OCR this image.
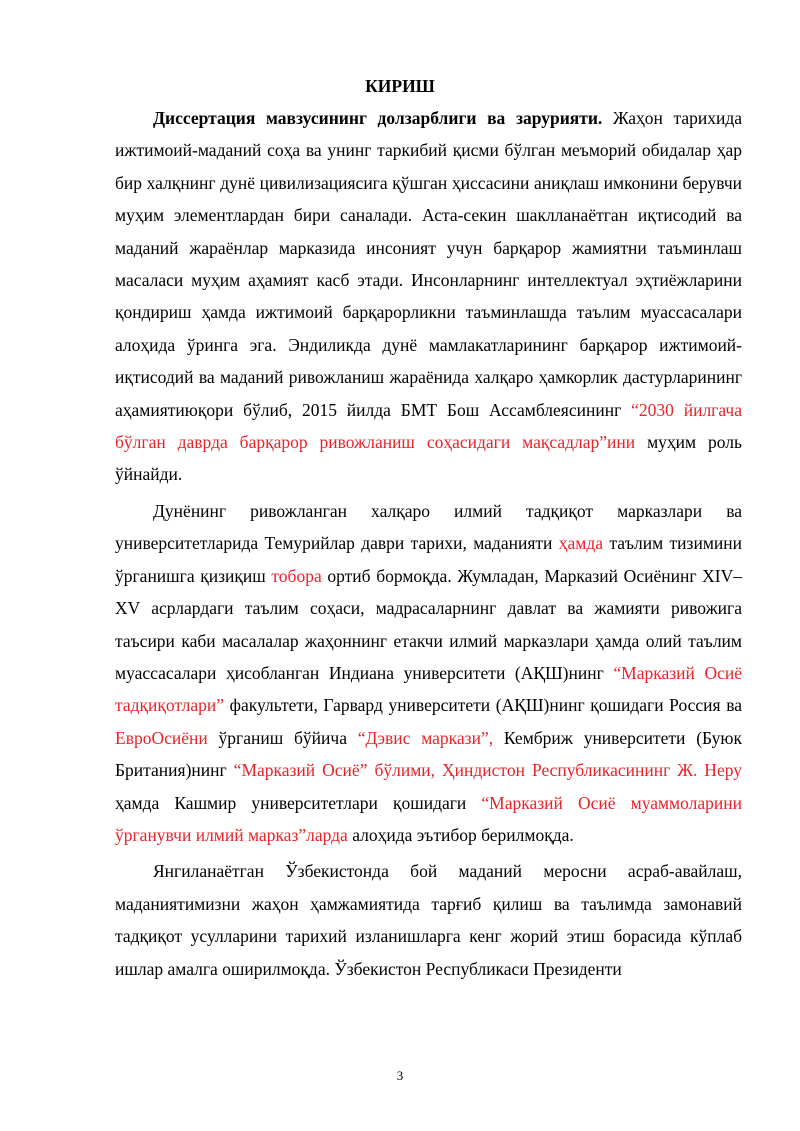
КИРИШ

Диссертация мавзусининг долзарблиги ва зарурияти. Жаҳон тарихида ижтимоий-маданий соҳа ва унинг таркибий қисми бўлган меъморий обидалар ҳар бир халқнинг дунё цивилизациясига қўшган ҳиссасини аниқлаш имконини берувчи муҳим элементлардан бири саналади. Аста-секин шаклланаётган иқтисодий ва маданий жараёнлар марказида инсоният учун барқарор жамиятни таъминлаш масаласи муҳим аҳамият касб этади. Инсонларнинг интеллектуал эҳтиёжларини қондириш ҳамда ижтимоий барқарорликни таъминлашда таълим муассасалари алоҳида ўринга эга. Эндиликда дунё мамлакатларининг барқарор ижтимоий-иқтисодий ва маданий ривожланиш жараёнида халқаро ҳамкорлик дастурларининг аҳамиятиюқори бўлиб, 2015 йилда БМТ Бош Ассамблеясининг “2030 йилгача бўлган даврда барқарор ривожланиш соҳасидаги мақсадлар”ини муҳим роль ўйнайди.

Дунёнинг ривожланган халқаро илмий тадқиқот марказлари ва университетларида Темурийлар даври тарихи, маданияти ҳамда таълим тизимини ўрганишга қизиқиш тобора ортиб бормоқда. Жумладан, Марказий Осиёнинг XIV–XV асрлардаги таълим соҳаси, мадрасаларнинг давлат ва жамияти ривожига таъсири каби масалалар жаҳоннинг етакчи илмий марказлари ҳамда олий таълим муассасалари ҳисобланган Индиана университети (АҚШ)нинг “Марказий Осиё тадқиқотлари” факультети, Гарвард университети (АҚШ)нинг қошидаги Россия ва ЕвроОсиёни ўрганиш бўйича “Дэвис маркази”, Кембриж университети (Буюк Британия)нинг “Марказий Осиё” бўлими, Ҳиндистон Республикасининг Ж. Неру ҳамда Кашмир университетлари қошидаги “Марказий Осиё муаммоларини ўрганувчи илмий марказ”ларда алоҳида эътибор берилмоқда.

Янгиланаётган Ўзбекистонда бой маданий меросни асраб-авайлаш, маданиятимизни жаҳон ҳамжамиятида тарғиб қилиш ва таълимда замонавий тадқиқот усулларини тарихий изланишларга кенг жорий этиш борасида кўплаб ишлар амалга оширилмоқда. Ўзбекистон Республикаси Президенти

3
